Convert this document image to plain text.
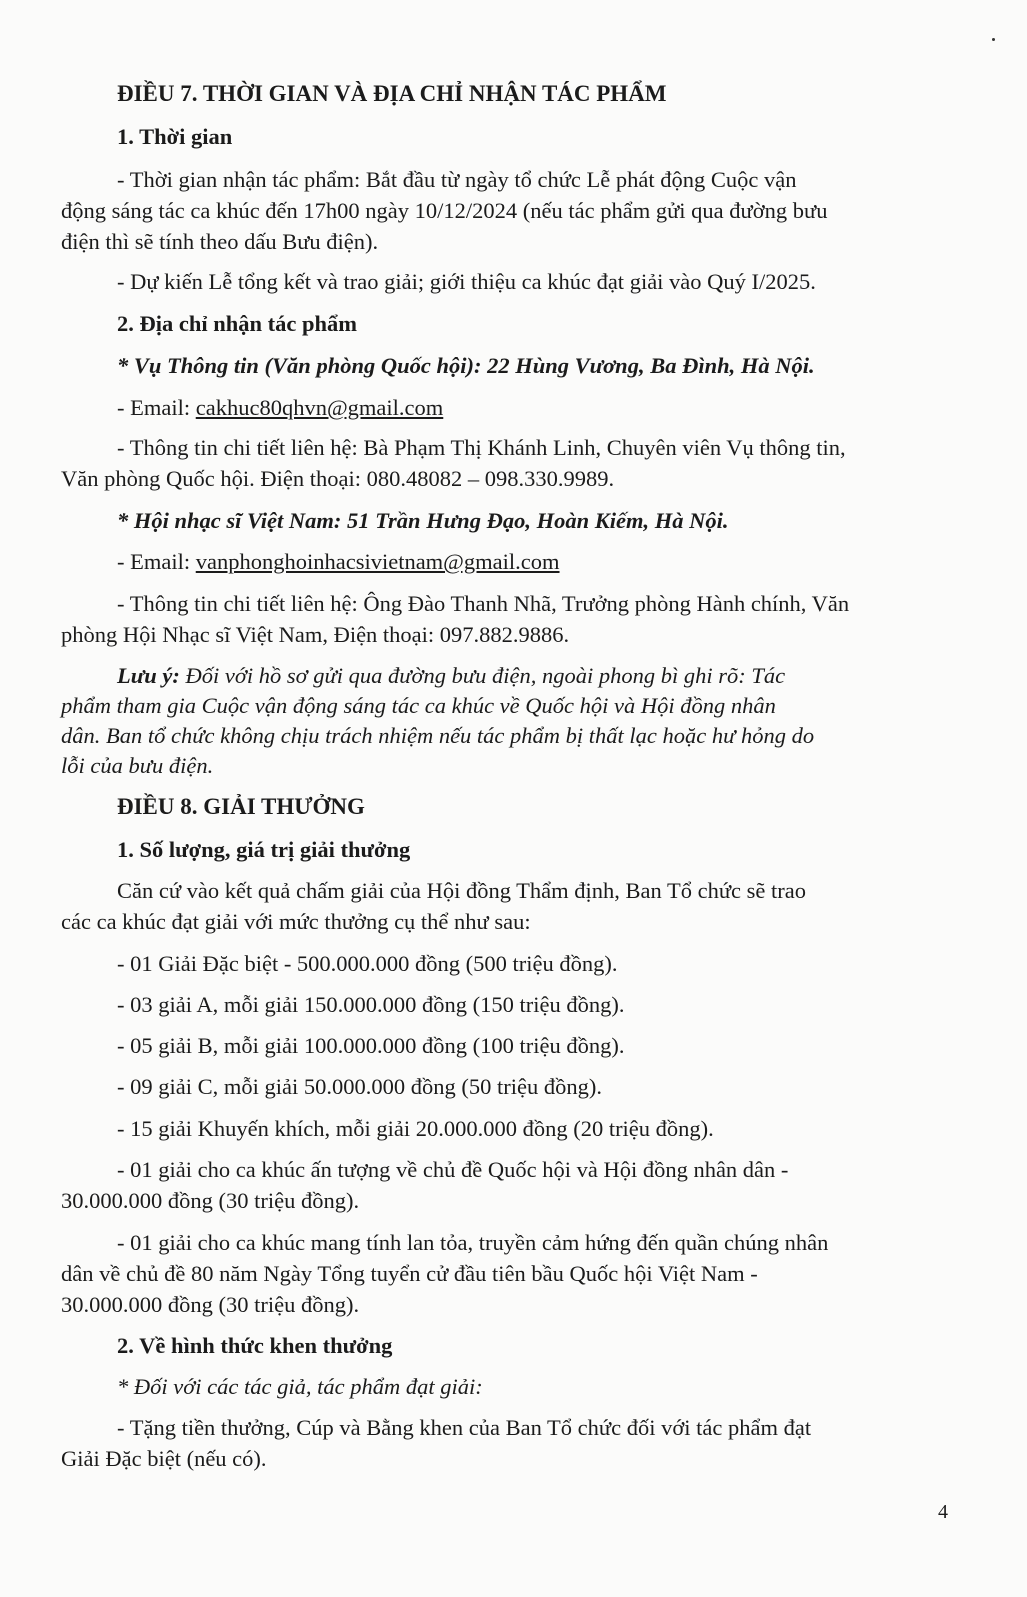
ĐIỀU 7. THỜI GIAN VÀ ĐỊA CHỈ NHẬN TÁC PHẨM
1. Thời gian
- Thời gian nhận tác phẩm: Bắt đầu từ ngày tổ chức Lễ phát động Cuộc vận
động sáng tác ca khúc đến 17h00 ngày 10/12/2024 (nếu tác phẩm gửi qua đường bưu
điện thì sẽ tính theo dấu Bưu điện).
- Dự kiến Lễ tổng kết và trao giải; giới thiệu ca khúc đạt giải vào Quý I/2025.
2. Địa chỉ nhận tác phẩm
* Vụ Thông tin (Văn phòng Quốc hội): 22 Hùng Vương, Ba Đình, Hà Nội.
- Email: cakhuc80qhvn@gmail.com
- Thông tin chi tiết liên hệ: Bà Phạm Thị Khánh Linh, Chuyên viên Vụ thông tin,
Văn phòng Quốc hội. Điện thoại: 080.48082 – 098.330.9989.
* Hội nhạc sĩ Việt Nam: 51 Trần Hưng Đạo, Hoàn Kiếm, Hà Nội.
- Email: vanphonghoinhacsivietnam@gmail.com
- Thông tin chi tiết liên hệ: Ông Đào Thanh Nhã, Trưởng phòng Hành chính, Văn
phòng Hội Nhạc sĩ Việt Nam, Điện thoại: 097.882.9886.
Lưu ý: Đối với hồ sơ gửi qua đường bưu điện, ngoài phong bì ghi rõ: Tác
phẩm tham gia Cuộc vận động sáng tác ca khúc về Quốc hội và Hội đồng nhân
dân. Ban tổ chức không chịu trách nhiệm nếu tác phẩm bị thất lạc hoặc hư hỏng do
lỗi của bưu điện.
ĐIỀU 8. GIẢI THƯỞNG
1. Số lượng, giá trị giải thưởng
Căn cứ vào kết quả chấm giải của Hội đồng Thẩm định, Ban Tổ chức sẽ trao
các ca khúc đạt giải với mức thưởng cụ thể như sau:
- 01 Giải Đặc biệt - 500.000.000 đồng (500 triệu đồng).
- 03 giải A, mỗi giải 150.000.000 đồng (150 triệu đồng).
- 05 giải B, mỗi giải 100.000.000 đồng (100 triệu đồng).
- 09 giải C, mỗi giải 50.000.000 đồng (50 triệu đồng).
- 15 giải Khuyến khích, mỗi giải 20.000.000 đồng (20 triệu đồng).
- 01 giải cho ca khúc ấn tượng về chủ đề Quốc hội và Hội đồng nhân dân -
30.000.000 đồng (30 triệu đồng).
- 01 giải cho ca khúc mang tính lan tỏa, truyền cảm hứng đến quần chúng nhân
dân về chủ đề 80 năm Ngày Tổng tuyển cử đầu tiên bầu Quốc hội Việt Nam -
30.000.000 đồng (30 triệu đồng).
2. Về hình thức khen thưởng
* Đối với các tác giả, tác phẩm đạt giải:
- Tặng tiền thưởng, Cúp và Bằng khen của Ban Tổ chức đối với tác phẩm đạt
Giải Đặc biệt (nếu có).
4
